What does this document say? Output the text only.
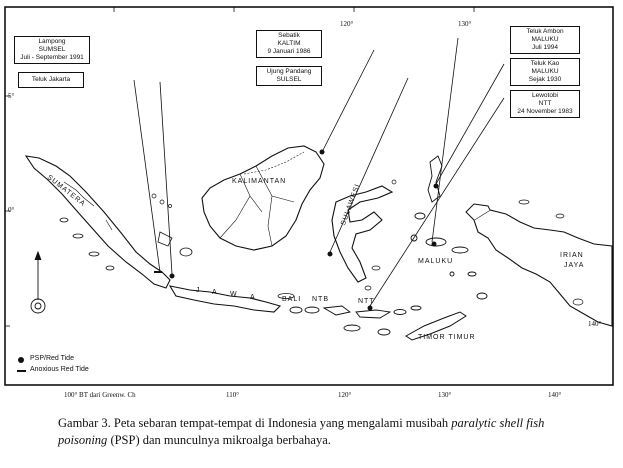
Lampong
SUMSEL
Juli - September 1991
Teluk Jakarta
Sebatik
KALTIM
9 Januari 1986
Ujung Pandang
SULSEL
Teluk Ambon
MALUKU
Juli 1994
Teluk Kao
MALUKU
Sejak 1930
Lewotobi
NTT
24 November 1983
SUMATERA	KALIMANTAN
SULAWESI
J A W A	BALI NTB	NTT
MALUKU
IRIAN
JAYA
TIMOR TIMUR
5°
0°
120°	130°
140°
100° BT dari Greenw. Ch	110°	120°	130°	140°
PSP/Red Tide
Anoxious Red Tide
Gambar 3. Peta sebaran tempat-tempat di Indonesia yang mengalami musibah paralytic shell fish poisoning (PSP) dan munculnya mikroalga berbahaya.
